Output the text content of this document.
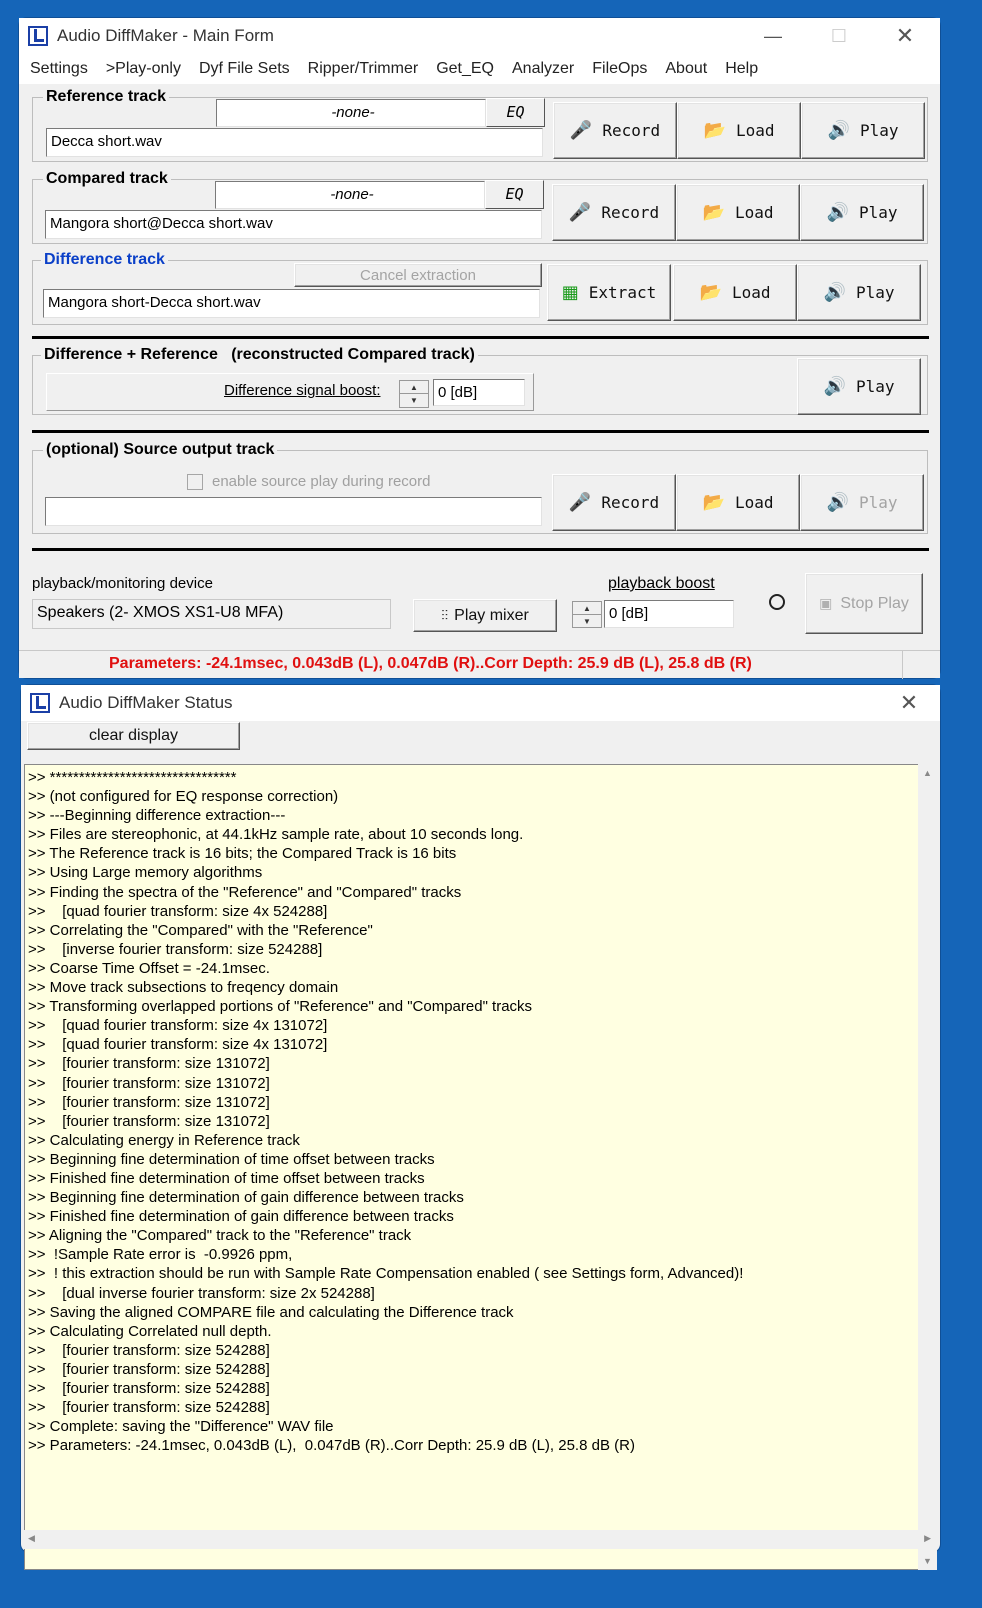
Audio DiffMaker - Main Form	—	☐	✕
Settings >Play-only Dyf File Sets Ripper/Trimmer Get_EQ Analyzer FileOps About Help
Reference track
-none-	EQ
Decca short.wav
🎤 Record 📂 Load	🔊 Play
Compared track
-none-	EQ
Mangora short@Decca short.wav
🎤 Record 📂 Load	🔊 Play
Difference track
Cancel extraction
Mangora short-Decca short.wav	▦ Extract 📂 Load	🔊 Play
Difference + Reference   (reconstructed Compared track)
Difference signal boost:	▲
▼	0 [dB]	🔊 Play
(optional) Source output track
enable source play during record
🎤 Record 📂 Load	🔊 Play
playback/monitoring device
Speakers (2- XMOS XS1-U8 MFA)	⫶⫶ Play mixer
playback boost
▲
▼	0 [dB]
▣ Stop Play
Parameters: -24.1msec, 0.043dB (L), 0.047dB (R)..Corr Depth: 25.9 dB (L), 25.8 dB (R)
Audio DiffMaker Status	✕
clear display
>> ********************************
>> (not configured for EQ response correction)
>> ---Beginning difference extraction---
>> Files are stereophonic, at 44.1kHz sample rate, about 10 seconds long.
>> The Reference track is 16 bits; the Compared Track is 16 bits
>> Using Large memory algorithms
>> Finding the spectra of the "Reference" and "Compared" tracks
>>    [quad fourier transform: size 4x 524288]
>> Correlating the "Compared" with the "Reference"
>>    [inverse fourier transform: size 524288]
>> Coarse Time Offset = -24.1msec.
>> Move track subsections to freqency domain
>> Transforming overlapped portions of "Reference" and "Compared" tracks
>>    [quad fourier transform: size 4x 131072]
>>    [quad fourier transform: size 4x 131072]
>>    [fourier transform: size 131072]
>>    [fourier transform: size 131072]
>>    [fourier transform: size 131072]
>>    [fourier transform: size 131072]
>> Calculating energy in Reference track
>> Beginning fine determination of time offset between tracks
>> Finished fine determination of time offset between tracks
>> Beginning fine determination of gain difference between tracks
>> Finished fine determination of gain difference between tracks
>> Aligning the "Compared" track to the "Reference" track
>>  !Sample Rate error is  -0.9926 ppm,
>>  ! this extraction should be run with Sample Rate Compensation enabled ( see Settings form, Advanced)!
>>    [dual inverse fourier transform: size 2x 524288]
>> Saving the aligned COMPARE file and calculating the Difference track
>> Calculating Correlated null depth.
>>    [fourier transform: size 524288]
>>    [fourier transform: size 524288]
>>    [fourier transform: size 524288]
>>    [fourier transform: size 524288]
>> Complete: saving the "Difference" WAV file
>> Parameters: -24.1msec, 0.043dB (L),  0.047dB (R)..Corr Depth: 25.9 dB (L), 25.8 dB (R)
▲
▼
◀	▶
